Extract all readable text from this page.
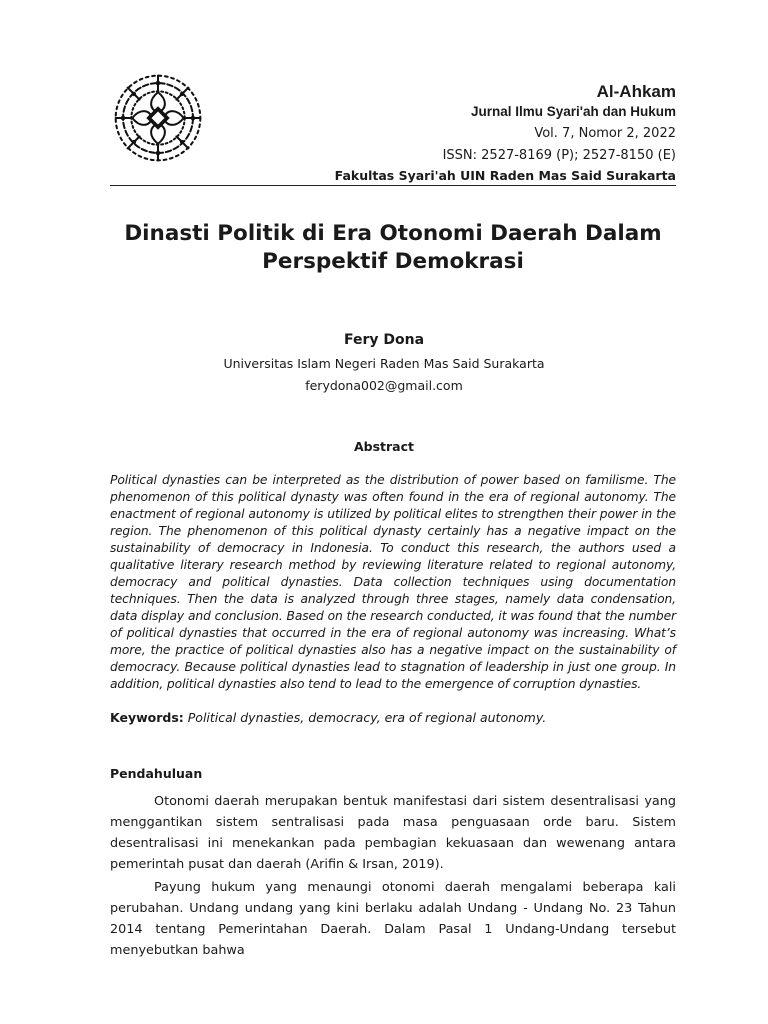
Al-Ahkam
Jurnal Ilmu Syari'ah dan Hukum
Vol. 7, Nomor 2, 2022
ISSN: 2527-8169 (P); 2527-8150 (E)
Fakultas Syari'ah UIN Raden Mas Said Surakarta
Dinasti Politik di Era Otonomi Daerah Dalam Perspektif Demokrasi
Fery Dona
Universitas Islam Negeri Raden Mas Said Surakarta
ferydona002@gmail.com
Abstract
Political dynasties can be interpreted as the distribution of power based on familisme. The phenomenon of this political dynasty was often found in the era of regional autonomy. The enactment of regional autonomy is utilized by political elites to strengthen their power in the region. The phenomenon of this political dynasty certainly has a negative impact on the sustainability of democracy in Indonesia. To conduct this research, the authors used a qualitative literary research method by reviewing literature related to regional autonomy, democracy and political dynasties. Data collection techniques using documentation techniques. Then the data is analyzed through three stages, namely data condensation, data display and conclusion. Based on the research conducted, it was found that the number of political dynasties that occurred in the era of regional autonomy was increasing. What’s more, the practice of political dynasties also has a negative impact on the sustainability of democracy. Because political dynasties lead to stagnation of leadership in just one group. In addition, political dynasties also tend to lead to the emergence of corruption dynasties.
Keywords: Political dynasties, democracy, era of regional autonomy.
Pendahuluan
Otonomi daerah merupakan bentuk manifestasi dari sistem desentralisasi yang menggantikan sistem sentralisasi pada masa penguasaan orde baru. Sistem desentralisasi ini menekankan pada pembagian kekuasaan dan wewenang antara pemerintah pusat dan daerah (Arifin & Irsan, 2019).
Payung hukum yang menaungi otonomi daerah mengalami beberapa kali perubahan. Undang undang yang kini berlaku adalah Undang - Undang No. 23 Tahun 2014 tentang Pemerintahan Daerah. Dalam Pasal 1 Undang-Undang tersebut menyebutkan bahwa
